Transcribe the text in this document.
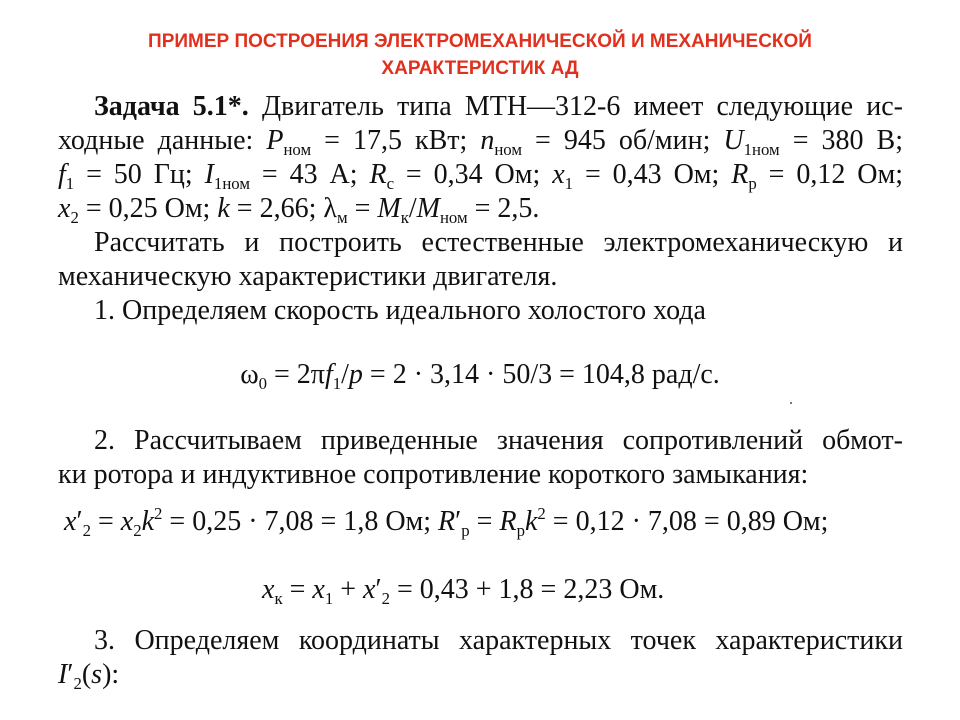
ПРИМЕР ПОСТРОЕНИЯ ЭЛЕКТРОМЕХАНИЧЕСКОЙ И МЕХАНИЧЕСКОЙ
ХАРАКТЕРИСТИК АД
Задача 5.1*. Двигатель типа МТН—312-6 имеет следующие ис-
ходные данные: $P_{ном} = 17,5$ кВт; $n_{ном} = 945$ об/мин; $U_{1ном} = 380$ В;
$f_1 = 50$ Гц; $I_{1ном} = 43$ А; $R_с = 0,34$ Ом; $x_1 = 0,43$ Ом; $R_р = 0,12$ Ом;
$x_2 = 0,25$ Ом; k = 2,66; $\lambda_м = M_к/M_{ном} = 2,5$.
Рассчитать и построить естественные электромеханическую и
механическую характеристики двигателя.
1. Определяем скорость идеального холостого хода
$\omega_0 = 2\pi f_1/p = 2 \cdot 3,14 \cdot 50/3 = 104,8$ рад/с.
2. Рассчитываем приведенные значения сопротивлений обмот-
ки ротора и индуктивное сопротивление короткого замыкания:
$x'_2 = x_2k^2 = 0,25 \cdot 7,08 = 1,8$ Ом; $R'_р = R_рk^2 = 0,12 \cdot 7,08 = 0,89$ Ом;
$x_к = x_1 + x'_2 = 0,43 + 1,8 = 2,23$ Ом.
3. Определяем координаты характерных точек характеристики
$I'_2(s)$:
